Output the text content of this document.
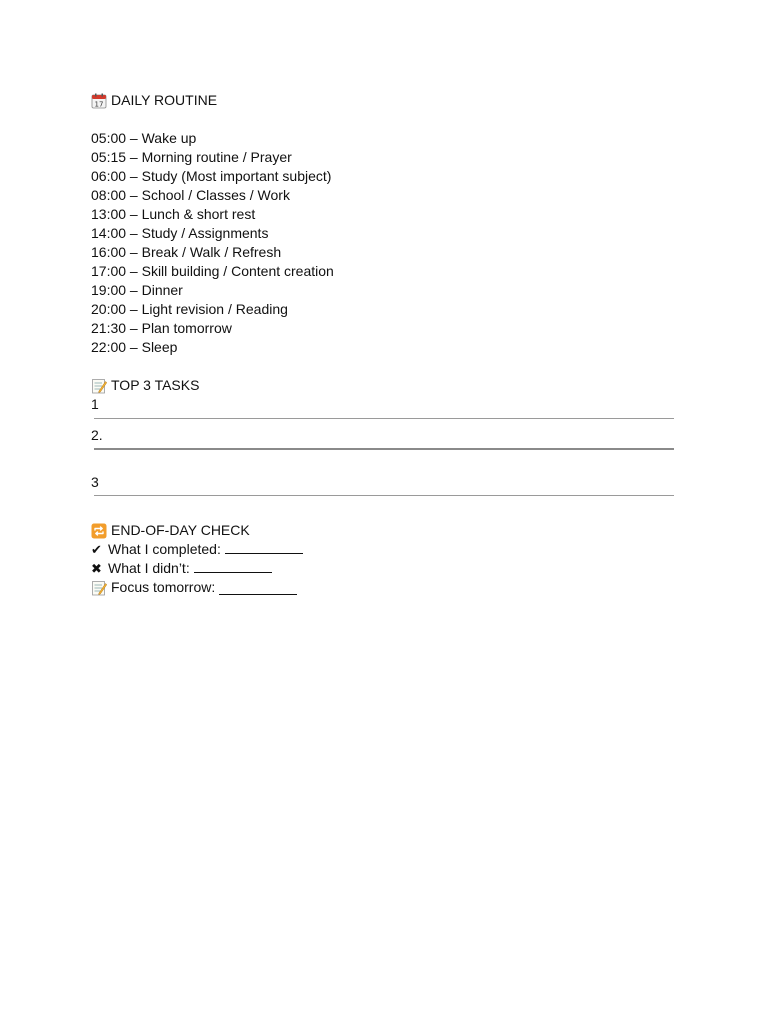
17 DAILY ROUTINE
05:00 – Wake up
05:15 – Morning routine / Prayer
06:00 – Study (Most important subject)
08:00 – School / Classes / Work
13:00 – Lunch & short rest
14:00 – Study / Assignments
16:00 – Break / Walk / Refresh
17:00 – Skill building / Content creation
19:00 – Dinner
20:00 – Light revision / Reading
21:30 – Plan tomorrow
22:00 – Sleep
TOP 3 TASKS
1
2.
3
END-OF-DAY CHECK
✔ What I completed:
✖ What I didn’t:
Focus tomorrow:
